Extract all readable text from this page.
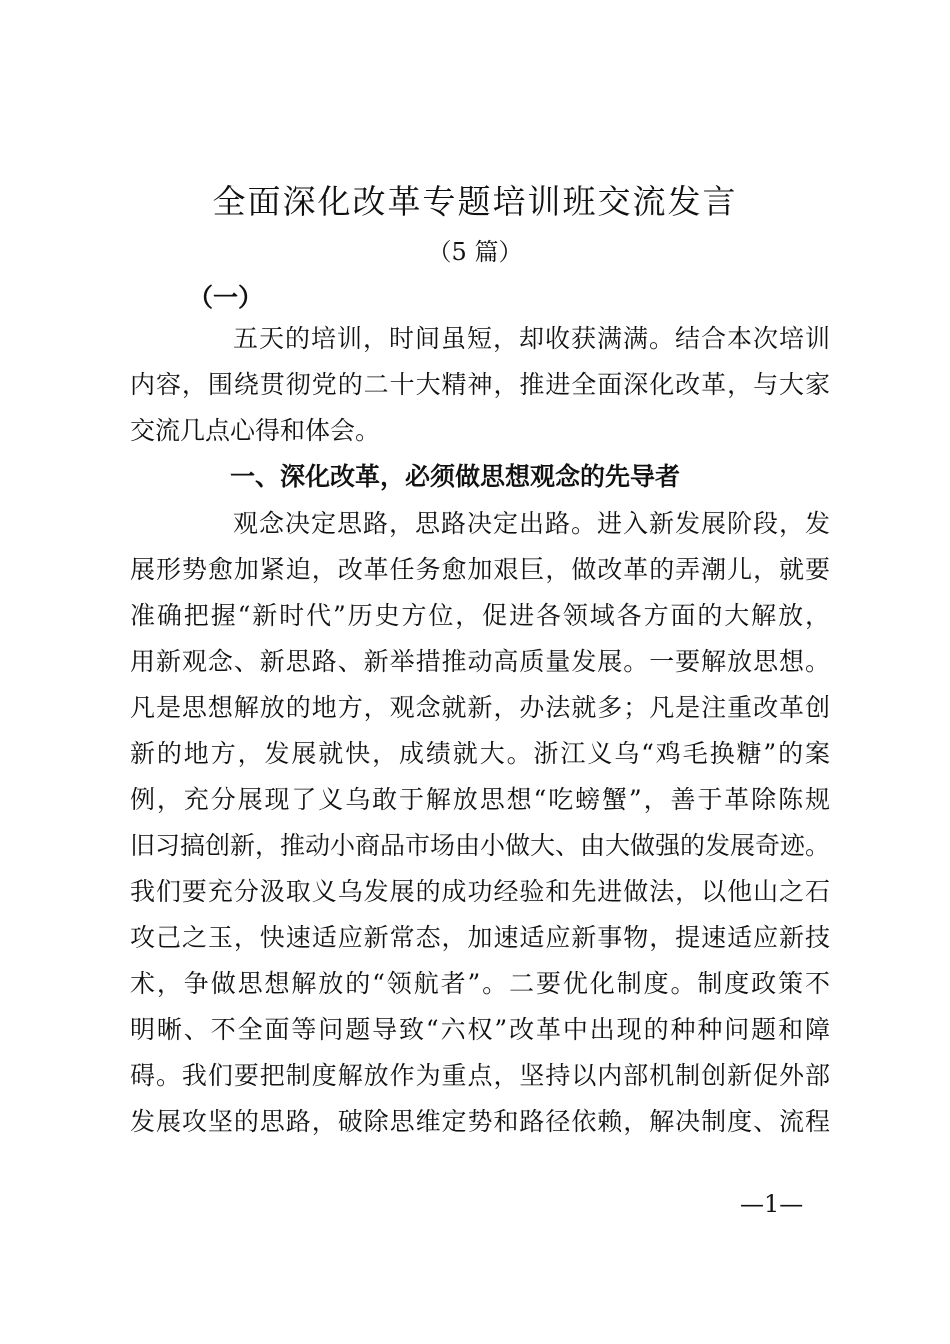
全面深化改革专题培训班交流发言
（5 篇）
（一）
五天的培训，时间虽短，却收获满满。结合本次培训
内容，围绕贯彻党的二十大精神，推进全面深化改革，与大家
交流几点心得和体会。
一、深化改革，必须做思想观念的先导者
观念决定思路，思路决定出路。进入新发展阶段，发
展形势愈加紧迫，改革任务愈加艰巨，做改革的弄潮儿，就要
准确把握“新时代”历史方位，促进各领域各方面的大解放，
用新观念、新思路、新举措推动高质量发展。一要解放思想。
凡是思想解放的地方，观念就新，办法就多；凡是注重改革创
新的地方，发展就快，成绩就大。浙江义乌“鸡毛换糖”的案
例，充分展现了义乌敢于解放思想“吃螃蟹”，善于革除陈规
旧习搞创新，推动小商品市场由小做大、由大做强的发展奇迹。
我们要充分汲取义乌发展的成功经验和先进做法，以他山之石
攻己之玉，快速适应新常态，加速适应新事物，提速适应新技
术，争做思想解放的“领航者”。二要优化制度。制度政策不
明晰、不全面等问题导致“六权”改革中出现的种种问题和障
碍。我们要把制度解放作为重点，坚持以内部机制创新促外部
发展攻坚的思路，破除思维定势和路径依赖，解决制度、流程
—1—
